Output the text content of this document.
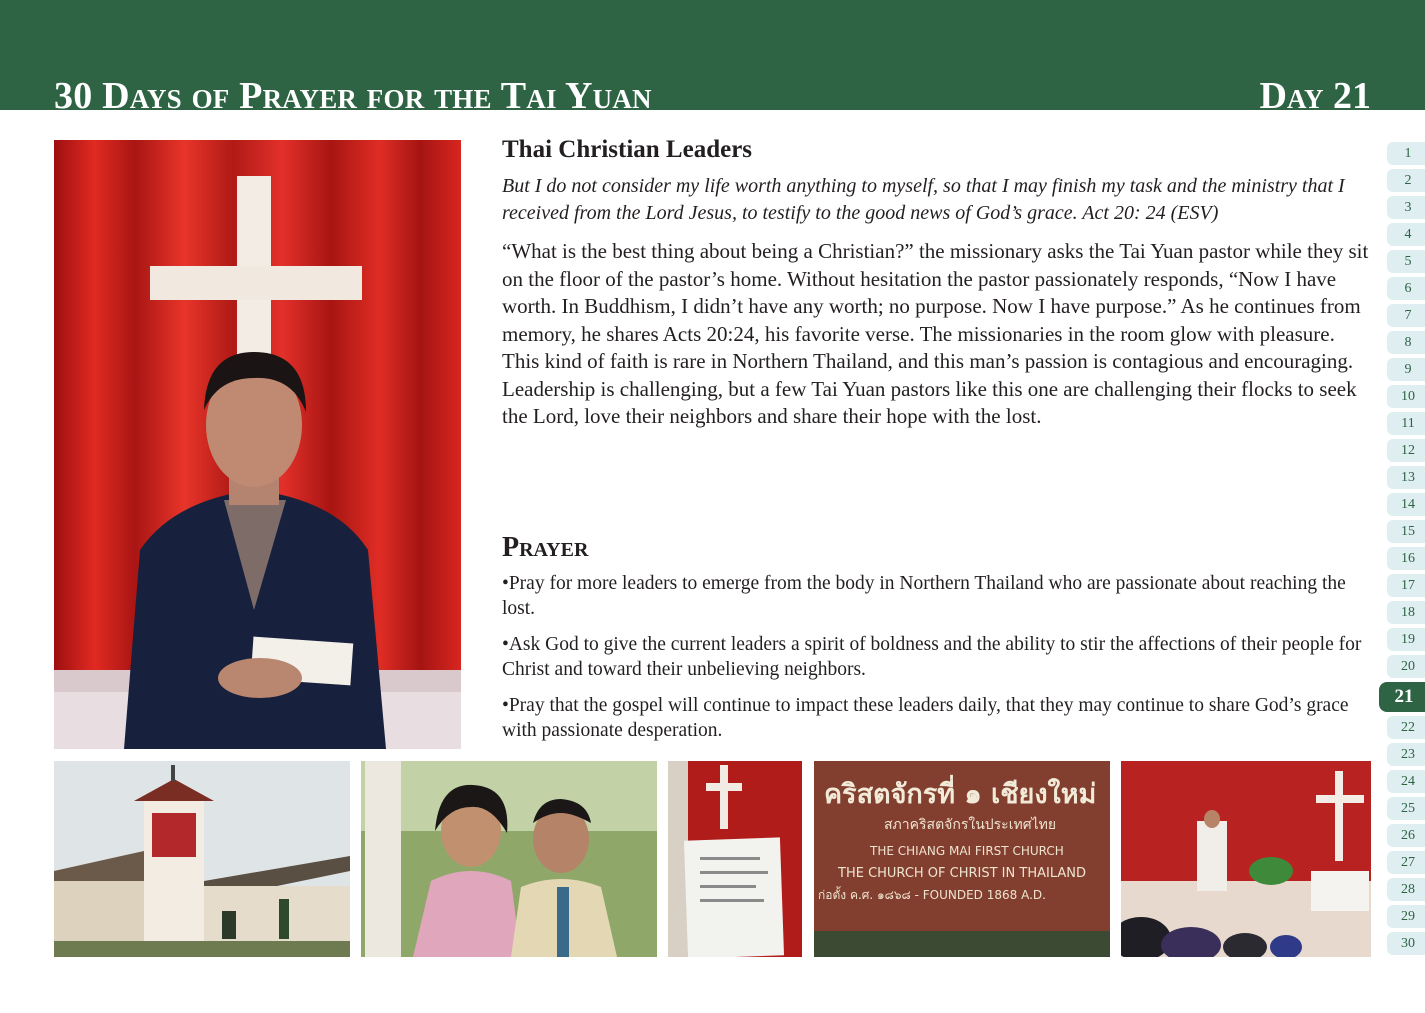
30 Days of Prayer for the Tai Yuan	Day 21
Thai Christian Leaders
But I do not consider my life worth anything to myself, so that I may finish my task and the ministry that I received from the Lord Jesus, to testify to the good news of God’s grace. Act 20: 24 (ESV)
“What is the best thing about being a Christian?” the missionary asks the Tai Yuan pastor while they sit on the floor of the pastor’s home. Without hesitation the pastor passionately responds, “Now I have worth. In Buddhism, I didn’t have any worth; no purpose. Now I have purpose.” As he continues from memory, he shares Acts 20:24, his favorite verse. The missionaries in the room glow with pleasure. This kind of faith is rare in Northern Thailand, and this man’s passion is contagious and encouraging. Leadership is challenging, but a few Tai Yuan pastors like this one are challenging their flocks to seek the Lord, love their neighbors and share their hope with the lost.
Prayer
•Pray for more leaders to emerge from the body in Northern Thailand who are passionate about reaching the lost.
•Ask God to give the current leaders a spirit of boldness and the ability to stir the affections of their people for Christ and toward their unbelieving neighbors.
•Pray that the gospel will continue to impact these leaders daily, that they may continue to share God’s grace with passionate desperation.
คริสตจักรที่ ๑ เชียงใหม่
สภาคริสตจักรในประเทศไทย
THE CHIANG MAI FIRST CHURCH
THE CHURCH OF CHRIST IN THAILAND
ก่อตั้ง ค.ศ. ๑๘๖๘ - FOUNDED 1868 A.D.
1
2
3
4
5
6
7
8
9
10
11
12
13
14
15
16
17
18
19
20
21
22
23
24
25
26
27
28
29
30
